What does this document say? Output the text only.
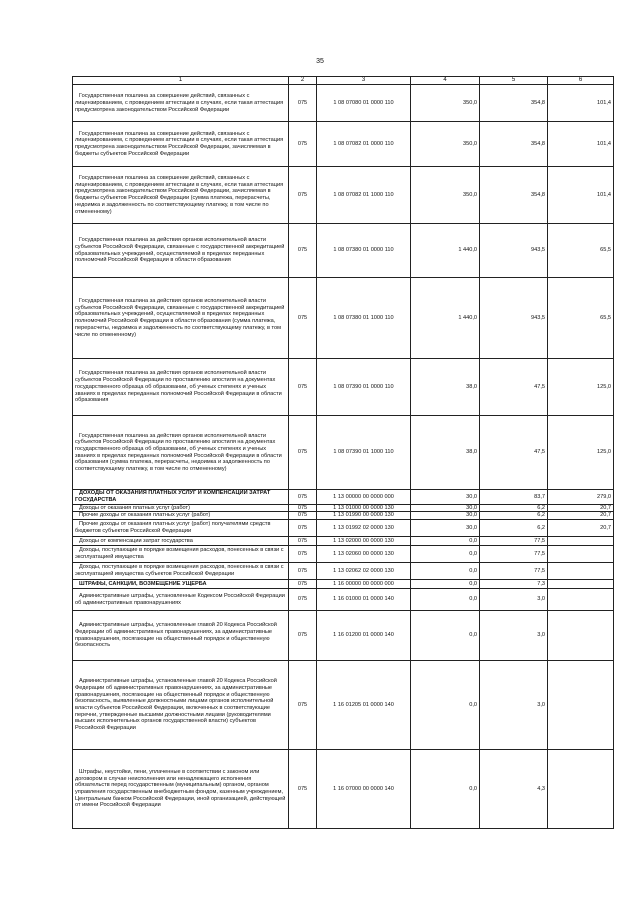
35
1	2	3	4	5	6
Государственная пошлина за совершение действий, связанных с лицензированием, с проведением аттестации в случаях, если такая аттестация предусмотрена законодательством Российской Федерации	075	1 08 07080 01 0000 110	350,0	354,8	101,4
Государственная пошлина за совершение действий, связанных с лицензированием, с проведением аттестации в случаях, если такая аттестация предусмотрена законодательством Российской Федерации, зачисляемая в бюджеты субъектов Российской Федерации	075	1 08 07082 01 0000 110	350,0	354,8	101,4
Государственная пошлина за совершение действий, связанных с лицензированием, с проведением аттестации в случаях, если такая аттестация предусмотрена законодательством Российской Федерации, зачисляемая в бюджеты субъектов Российской Федерации (сумма платежа, перерасчеты, недоимка и задолженность по соответствующему платежу, в том числе по отмененному)	075	1 08 07082 01 1000 110	350,0	354,8	101,4
Государственная пошлина за действия органов исполнительной власти субъектов Российской Федерации, связанные с государственной аккредитацией образовательных учреждений, осуществляемой в пределах переданных полномочий Российской Федерации в области образования	075	1 08 07380 01 0000 110	1 440,0	943,5	65,5
Государственная пошлина за действия органов исполнительной власти субъектов Российской Федерации, связанные с государственной аккредитацией образовательных учреждений, осуществляемой в пределах переданных полномочий Российской Федерации в области образования (сумма платежа, перерасчеты, недоимка и задолженность по соответствующему платежу, в том числе по отмененному)	075	1 08 07380 01 1000 110	1 440,0	943,5	65,5
Государственная пошлина за действия органов исполнительной власти субъектов Российской Федерации по проставлению апостиля на документах государственного образца об образовании, об ученых степенях и ученых званиях в пределах переданных полномочий Российской Федерации в области образования	075	1 08 07390 01 0000 110	38,0	47,5	125,0
Государственная пошлина за действия органов исполнительной власти субъектов Российской Федерации по проставлению апостиля на документах государственного образца об образовании, об ученых степенях и ученых званиях в пределах переданных полномочий Российской Федерации в области образования (сумма платежа, перерасчеты, недоимка и задолженность по соответствующему платежу, в том числе по отмененному)	075	1 08 07390 01 1000 110	38,0	47,5	125,0
ДОХОДЫ ОТ ОКАЗАНИЯ ПЛАТНЫХ УСЛУГ И КОМПЕНСАЦИИ ЗАТРАТ ГОСУДАРСТВА	075	1 13 00000 00 0000 000	30,0	83,7	279,0
Доходы от оказания платных услуг (работ)	075	1 13 01000 00 0000 130	30,0	6,2	20,7
Прочие доходы от оказания платных услуг (работ)	075	1 13 01990 00 0000 130	30,0	6,2	20,7
Прочие доходы от оказания платных услуг (работ) получателями средств бюджетов субъектов Российской Федерации	075	1 13 01992 02 0000 130	30,0	6,2	20,7
Доходы от компенсации затрат государства	075	1 13 02000 00 0000 130	0,0	77,5	
Доходы, поступающие в порядке возмещения расходов, понесенных в связи с эксплуатацией имущества	075	1 13 02060 00 0000 130	0,0	77,5	
Доходы, поступающие в порядке возмещения расходов, понесенных в связи с эксплуатацией имущества субъектов Российской Федерации	075	1 13 02062 02 0000 130	0,0	77,5	
ШТРАФЫ, САНКЦИИ, ВОЗМЕЩЕНИЕ УЩЕРБА	075	1 16 00000 00 0000 000	0,0	7,3	
Административные штрафы, установленные Кодексом Российской Федерации об административных правонарушениях	075	1 16 01000 01 0000 140	0,0	3,0	
Административные штрафы, установленные главой 20 Кодекса Российской Федерации об административных правонарушениях, за административные правонарушения, посягающие на общественный порядок и общественную безопасность	075	1 16 01200 01 0000 140	0,0	3,0	
Административные штрафы, установленные главой 20 Кодекса Российской Федерации об административных правонарушениях, за административные правонарушения, посягающие на общественный порядок и общественную безопасность, выявленные должностными лицами органов исполнительной власти субъектов Российской Федерации, включенных в соответствующие перечни, утвержденные высшими должностными лицами (руководителями высших исполнительных органов государственной власти) субъектов Российской Федерации	075	1 16 01205 01 0000 140	0,0	3,0	
Штрафы, неустойки, пени, уплаченные в соответствии с законом или договором в случае неисполнения или ненадлежащего исполнения обязательств перед государственным (муниципальным) органом, органом управления государственным внебюджетным фондом, казенным учреждением, Центральным банком Российской Федерации, иной организацией, действующей от имени Российской Федерации	075	1 16 07000 00 0000 140	0,0	4,3	
